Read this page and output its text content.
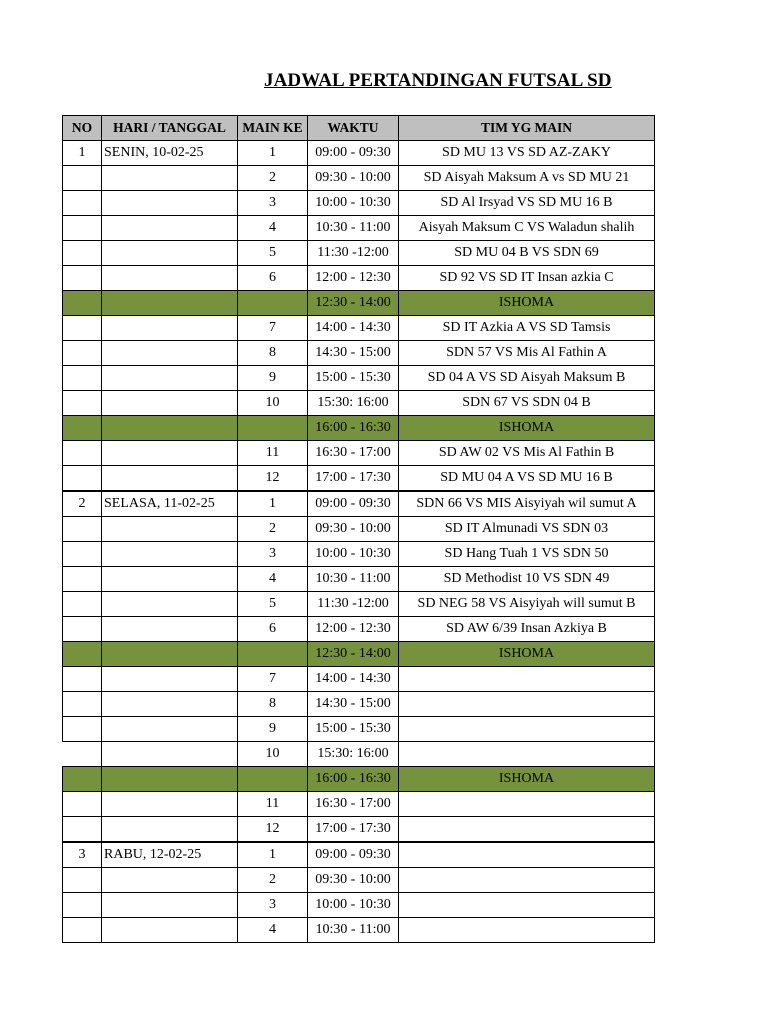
JADWAL PERTANDINGAN FUTSAL SD
NO	HARI / TANGGAL	MAIN KE	WAKTU	TIM YG MAIN
1	SENIN, 10-02-25	1	09:00 - 09:30	SD MU 13 VS SD AZ-ZAKY
		2	09:30 - 10:00	SD Aisyah Maksum A vs SD MU 21
		3	10:00 - 10:30	SD Al Irsyad VS SD MU 16 B
		4	10:30 - 11:00	Aisyah Maksum C VS Waladun shalih
		5	11:30 -12:00	SD MU 04 B VS SDN 69
		6	12:00 - 12:30	SD 92 VS SD IT Insan azkia C
			12:30 - 14:00	ISHOMA
		7	14:00 - 14:30	SD IT Azkia A VS SD Tamsis
		8	14:30 - 15:00	SDN 57 VS Mis Al Fathin A
		9	15:00 - 15:30	SD 04 A VS SD Aisyah Maksum B
		10	15:30: 16:00	SDN 67 VS SDN 04 B
			16:00 - 16:30	ISHOMA
		11	16:30 - 17:00	SD AW 02 VS Mis Al Fathin B
		12	17:00 - 17:30	SD MU 04 A VS SD MU 16 B
2	SELASA, 11-02-25	1	09:00 - 09:30	SDN 66 VS MIS Aisyiyah wil sumut A
		2	09:30 - 10:00	SD IT Almunadi VS SDN 03
		3	10:00 - 10:30	SD Hang Tuah 1 VS SDN 50
		4	10:30 - 11:00	SD Methodist 10 VS SDN 49
		5	11:30 -12:00	SD NEG 58 VS Aisyiyah will sumut B
		6	12:00 - 12:30	SD AW 6/39 Insan Azkiya B
			12:30 - 14:00	ISHOMA
		7	14:00 - 14:30	
		8	14:30 - 15:00	
		9	15:00 - 15:30	
		10	15:30: 16:00	
			16:00 - 16:30	ISHOMA
		11	16:30 - 17:00	
		12	17:00 - 17:30	
3	RABU, 12-02-25	1	09:00 - 09:30	
		2	09:30 - 10:00	
		3	10:00 - 10:30	
		4	10:30 - 11:00	
